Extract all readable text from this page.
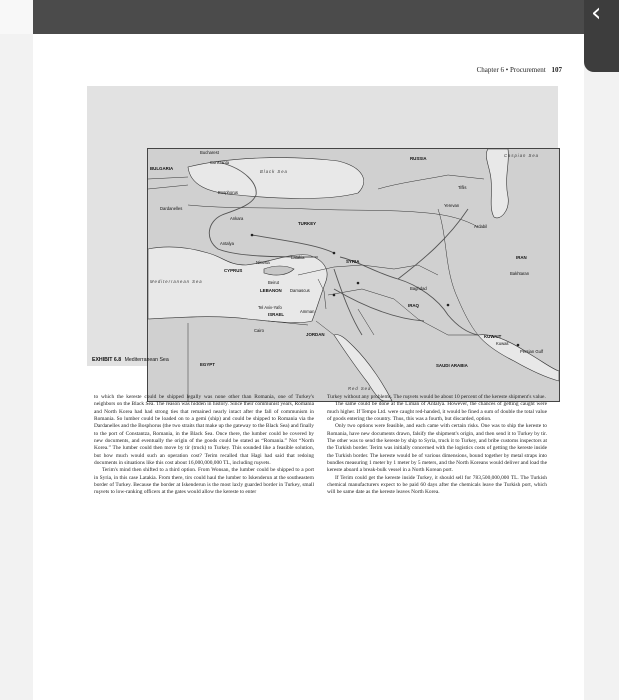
‹
Chapter 6 • Procurement 107
Bucharest
Constanta
BULGARIA
Black Sea
RUSSIA
Caspian Sea
Bosphorus
Dardanelles
Tiflis
Yerevan
Ankara
TURKEY
Ardabil
Antalya
Latakia
SYRIA
CYPRUS
Nicosia
IRAN
Bakhtaran
Mediterranean Sea	Beirut
LEBANON Damascus	Baghdad
Tel Aviv-Yafo
ISRAEL
Amman
IRAQ
Cairo
JORDAN	KUWAIT
Kuwait
Persian Gulf
EGYPT	SAUDI ARABIA
Red Sea
EXHIBIT 6.8 Mediterranean Sea

to which the kereste could be shipped legally was none other than Romania, one of Turkey's neighbors on the Black Sea. The reason was hidden in history. Since their communist years, Romania and North Korea had had strong ties that remained nearly intact after the fall of communism in Romania. So lumber could be loaded on to a gemi (ship) and could be shipped to Romania via the Dardanelles and the Bosphorus (the two straits that make up the gateway to the Black Sea) and finally to the port of Constantza, Romania, in the Black Sea. Once there, the lumber could be covered by new documents, and eventually the origin of the goods could be stated as “Romania.” Not “North Korea.” The lumber could then move by tir (truck) to Turkey. This sounded like a feasible solution, but how much would such an operation cost? Terim recalled that Hagi had said that redoing documents in situations like this cost about 16,000,000,000 TL, including ruşvets.

Terim's mind then shifted to a third option. From Wonsan, the lumber could be shipped to a port in Syria, in this case Latakia. From there, tirs could haul the lumber to Iskenderun at the southeastern border of Turkey. Because the border at Iskenderun is the most laxly guarded border in Turkey, small ruşvets to low-ranking officers at the gates would allow the kereste to enter

Turkey without any problems. The ruşvets would be about 10 percent of the kereste shipment's value.

The same could be done at the Liman of Antalya. However, the chances of getting caught were much higher. If Tempo Ltd. were caught red-handed, it would be fined a sum of double the total value of goods entering the country. Thus, this was a fourth, but discarded, option.

Only two options were feasible, and each came with certain risks. One was to ship the kereste to Romania, have new documents drawn, falsify the shipment's origin, and then send it to Turkey by tir. The other was to send the kereste by ship to Syria, truck it to Turkey, and bribe customs inspectors at the Turkish border. Terim was initially concerned with the logistics costs of getting the kereste inside the Turkish border. The kereste would be of various dimensions, bound together by metal straps into bundles measuring 1 meter by 1 meter by 5 meters, and the North Koreans would deliver and load the kereste aboard a break-bulk vessel in a North Korean port.

If Terim could get the kereste inside Turkey, it should sell for 783,500,000,000 TL. The Turkish chemical manufacturers expect to be paid 60 days after the chemicals leave the Turkish port, which will be same date as the kereste leaves North Korea.
